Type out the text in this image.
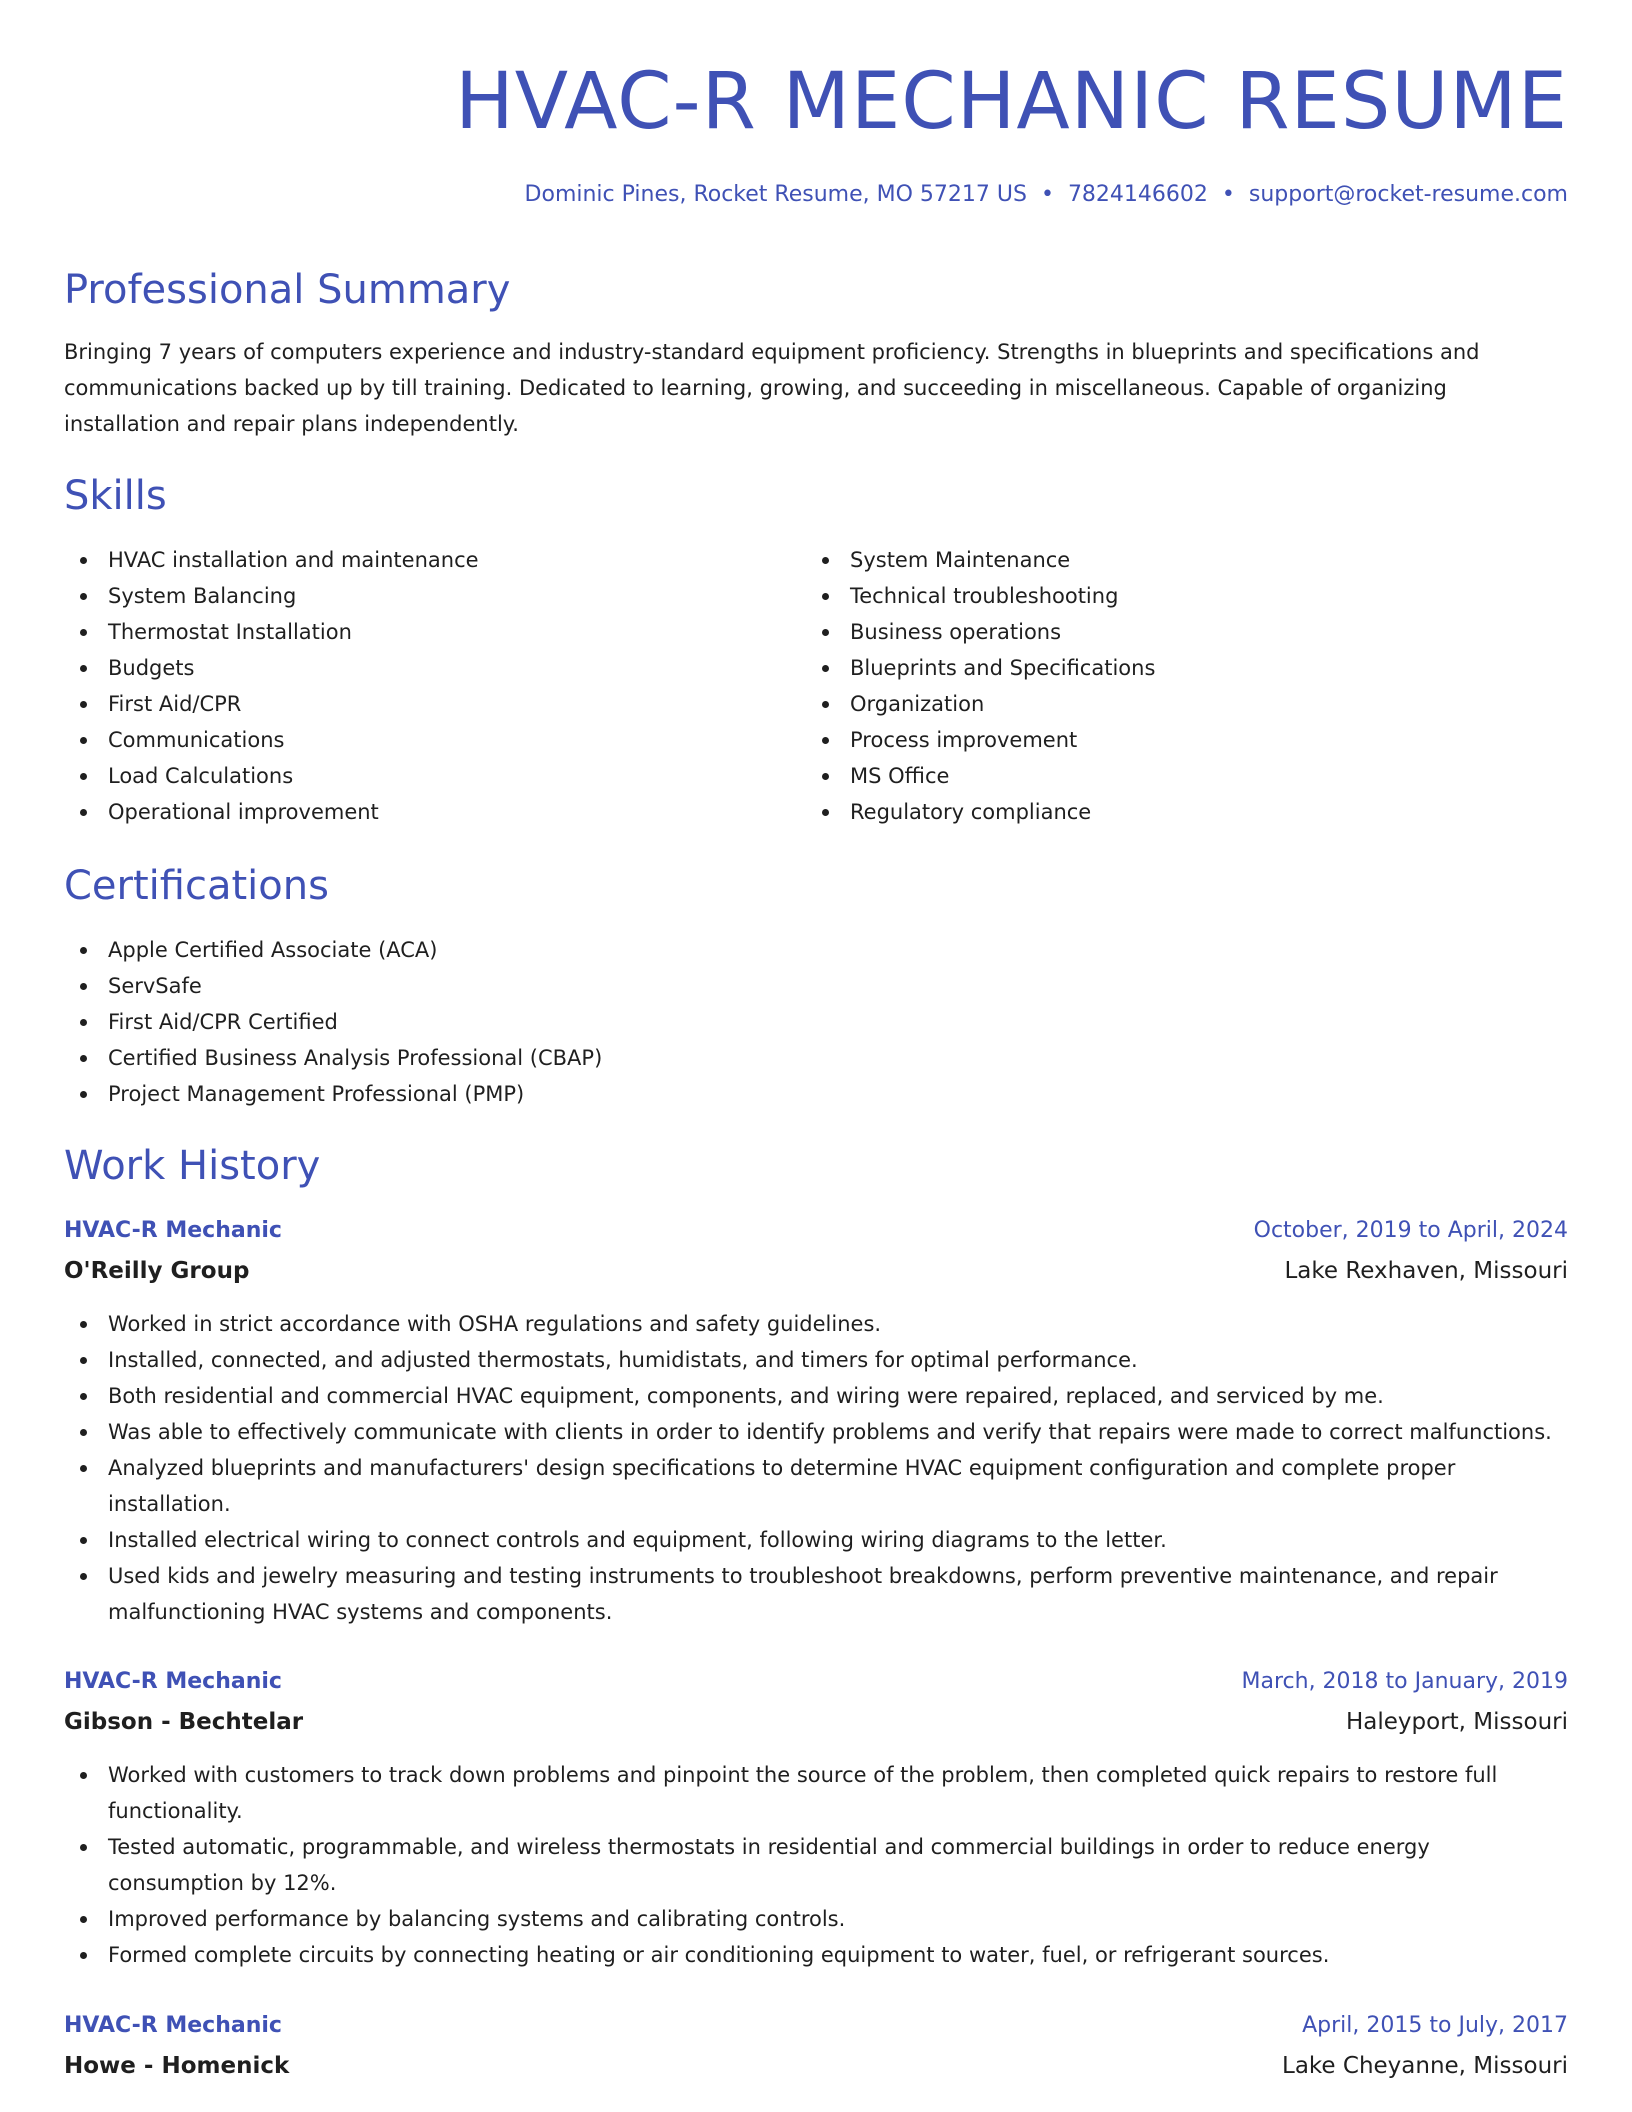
HVAC-R MECHANIC RESUME
Dominic Pines, Rocket Resume, MO 57217 US • 7824146602 • support@rocket-resume.com
Professional Summary

Bringing 7 years of computers experience and industry-standard equipment proficiency. Strengths in blueprints and specifications and communications backed up by till training. Dedicated to learning, growing, and succeeding in miscellaneous. Capable of organizing installation and repair plans independently.

Skills
HVAC installation and maintenance
System Balancing
Thermostat Installation
Budgets
First Aid/CPR
Communications
Load Calculations
Operational improvement
System Maintenance
Technical troubleshooting
Business operations
Blueprints and Specifications
Organization
Process improvement
MS Office
Regulatory compliance
Certifications
Apple Certified Associate (ACA)
ServSafe
First Aid/CPR Certified
Certified Business Analysis Professional (CBAP)
Project Management Professional (PMP)
Work History
HVAC-R Mechanic	October, 2019 to April, 2024
O'Reilly Group	Lake Rexhaven, Missouri
Worked in strict accordance with OSHA regulations and safety guidelines.
Installed, connected, and adjusted thermostats, humidistats, and timers for optimal performance.
Both residential and commercial HVAC equipment, components, and wiring were repaired, replaced, and serviced by me.
Was able to effectively communicate with clients in order to identify problems and verify that repairs were made to correct malfunctions.
Analyzed blueprints and manufacturers' design specifications to determine HVAC equipment configuration and complete proper installation.
Installed electrical wiring to connect controls and equipment, following wiring diagrams to the letter.
Used kids and jewelry measuring and testing instruments to troubleshoot breakdowns, perform preventive maintenance, and repair malfunctioning HVAC systems and components.
HVAC-R Mechanic	March, 2018 to January, 2019
Gibson - Bechtelar	Haleyport, Missouri
Worked with customers to track down problems and pinpoint the source of the problem, then completed quick repairs to restore full functionality.
Tested automatic, programmable, and wireless thermostats in residential and commercial buildings in order to reduce energy consumption by 12%.
Improved performance by balancing systems and calibrating controls.
Formed complete circuits by connecting heating or air conditioning equipment to water, fuel, or refrigerant sources.
HVAC-R Mechanic	April, 2015 to July, 2017
Howe - Homenick	Lake Cheyanne, Missouri
